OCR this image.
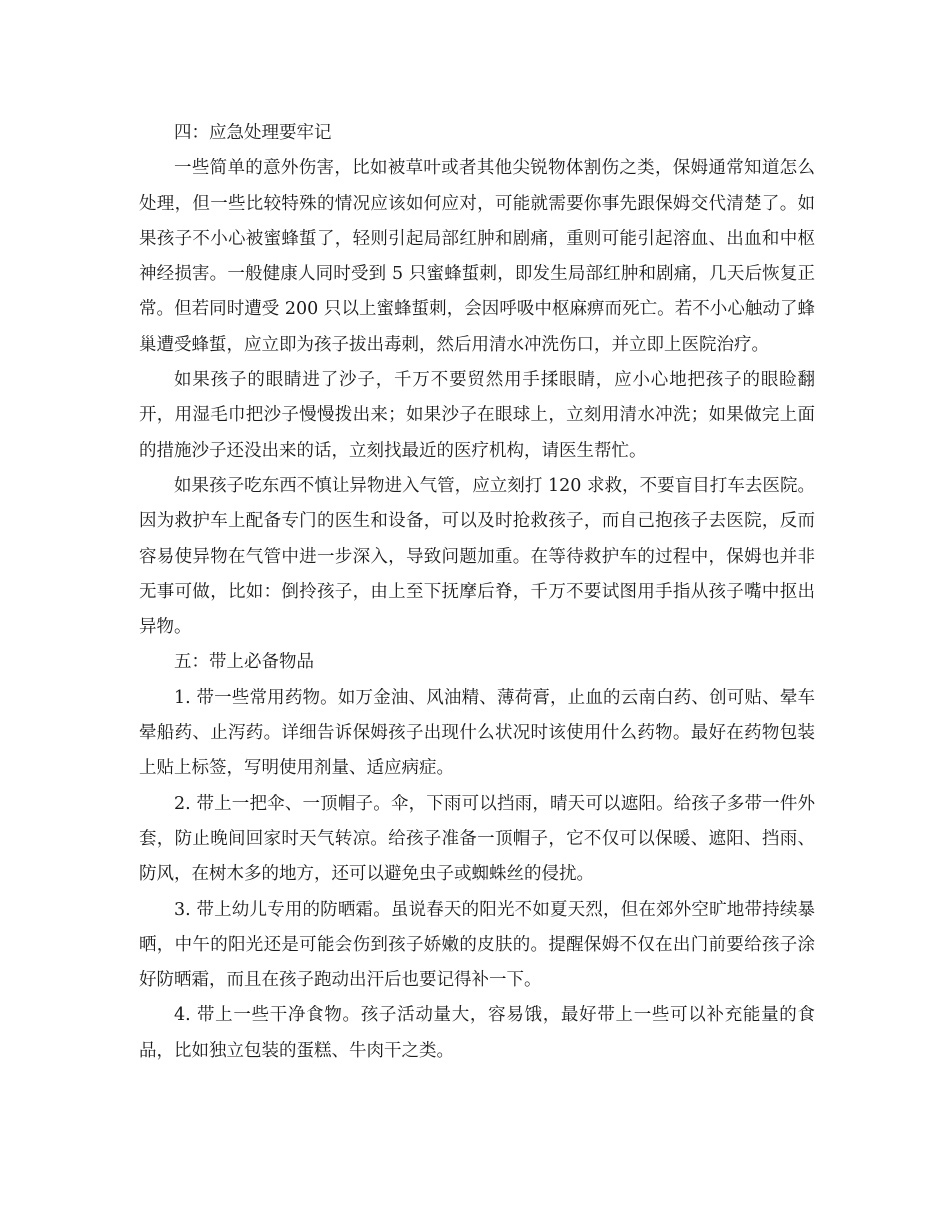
四：应急处理要牢记

一些简单的意外伤害，比如被草叶或者其他尖锐物体割伤之类，保姆通常知道怎么处理，但一些比较特殊的情况应该如何应对，可能就需要你事先跟保姆交代清楚了。如果孩子不小心被蜜蜂蜇了，轻则引起局部红肿和剧痛，重则可能引起溶血、出血和中枢神经损害。一般健康人同时受到 5 只蜜蜂蜇刺，即发生局部红肿和剧痛，几天后恢复正常。但若同时遭受 200 只以上蜜蜂蜇刺，会因呼吸中枢麻痹而死亡。若不小心触动了蜂巢遭受蜂蜇，应立即为孩子拔出毒刺，然后用清水冲洗伤口，并立即上医院治疗。

如果孩子的眼睛进了沙子，千万不要贸然用手揉眼睛，应小心地把孩子的眼睑翻开，用湿毛巾把沙子慢慢拨出来；如果沙子在眼球上，立刻用清水冲洗；如果做完上面的措施沙子还没出来的话，立刻找最近的医疗机构，请医生帮忙。

如果孩子吃东西不慎让异物进入气管，应立刻打 120 求救，不要盲目打车去医院。因为救护车上配备专门的医生和设备，可以及时抢救孩子，而自己抱孩子去医院，反而容易使异物在气管中进一步深入，导致问题加重。在等待救护车的过程中，保姆也并非无事可做，比如：倒拎孩子，由上至下抚摩后脊，千万不要试图用手指从孩子嘴中抠出异物。

五：带上必备物品

1. 带一些常用药物。如万金油、风油精、薄荷膏，止血的云南白药、创可贴、晕车晕船药、止泻药。详细告诉保姆孩子出现什么状况时该使用什么药物。最好在药物包装上贴上标签，写明使用剂量、适应病症。

2. 带上一把伞、一顶帽子。伞，下雨可以挡雨，晴天可以遮阳。给孩子多带一件外套，防止晚间回家时天气转凉。给孩子准备一顶帽子，它不仅可以保暖、遮阳、挡雨、防风，在树木多的地方，还可以避免虫子或蜘蛛丝的侵扰。

3. 带上幼儿专用的防晒霜。虽说春天的阳光不如夏天烈，但在郊外空旷地带持续暴晒，中午的阳光还是可能会伤到孩子娇嫩的皮肤的。提醒保姆不仅在出门前要给孩子涂好防晒霜，而且在孩子跑动出汗后也要记得补一下。

4. 带上一些干净食物。孩子活动量大，容易饿，最好带上一些可以补充能量的食品，比如独立包装的蛋糕、牛肉干之类。
